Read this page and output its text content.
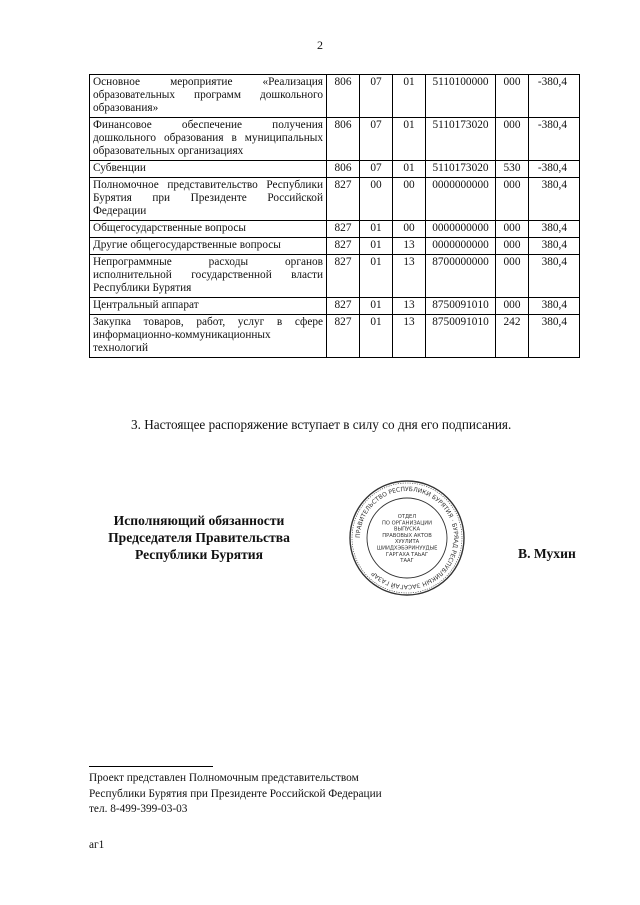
2
Основное мероприятие «Реализация образовательных программ дошкольного образования»	806	07	01	5110100000	000	-380,4
Финансовое обеспечение получения дошкольного образования в муниципальных образовательных организациях	806	07	01	5110173020	000	-380,4
Субвенции	806	07	01	5110173020	530	-380,4
Полномочное представительство Республики Бурятия при Президенте Российской Федерации	827	00	00	0000000000	000	380,4
Общегосударственные вопросы	827	01	00	0000000000	000	380,4
Другие общегосударственные вопросы	827	01	13	0000000000	000	380,4
Непрограммные расходы органов исполнительной государственной власти Республики Бурятия	827	01	13	8700000000	000	380,4
Центральный аппарат	827	01	13	8750091010	000	380,4
Закупка товаров, работ, услуг в сфере информационно-коммуникационных технологий	827	01	13	8750091010	242	380,4
3. Настоящее распоряжение вступает в силу со дня его подписания.
Исполняющий обязанности
Председателя Правительства
Республики Бурятия
ПРАВИТЕЛЬСТВО РЕСПУБЛИКИ БУРЯТИЯ · БУРЯАД РЕСПУБЛИКЫН ЗАСАГАЙ ГАЗАР
ОТДЕЛ
ПО ОРГАНИЗАЦИИ
ВЫПУСКА
ПРАВОВЫХ АКТОВ
ХУУЛИТА
ШИИДХЭБЭРИНУУДЫЕ
ГАРГАХА ТАЬАГ
ТААГ
В. Мухин
Проект представлен Полномочным представительством
Республики Бурятия при Президенте Российской Федерации
тел. 8-499-399-03-03
аг1
